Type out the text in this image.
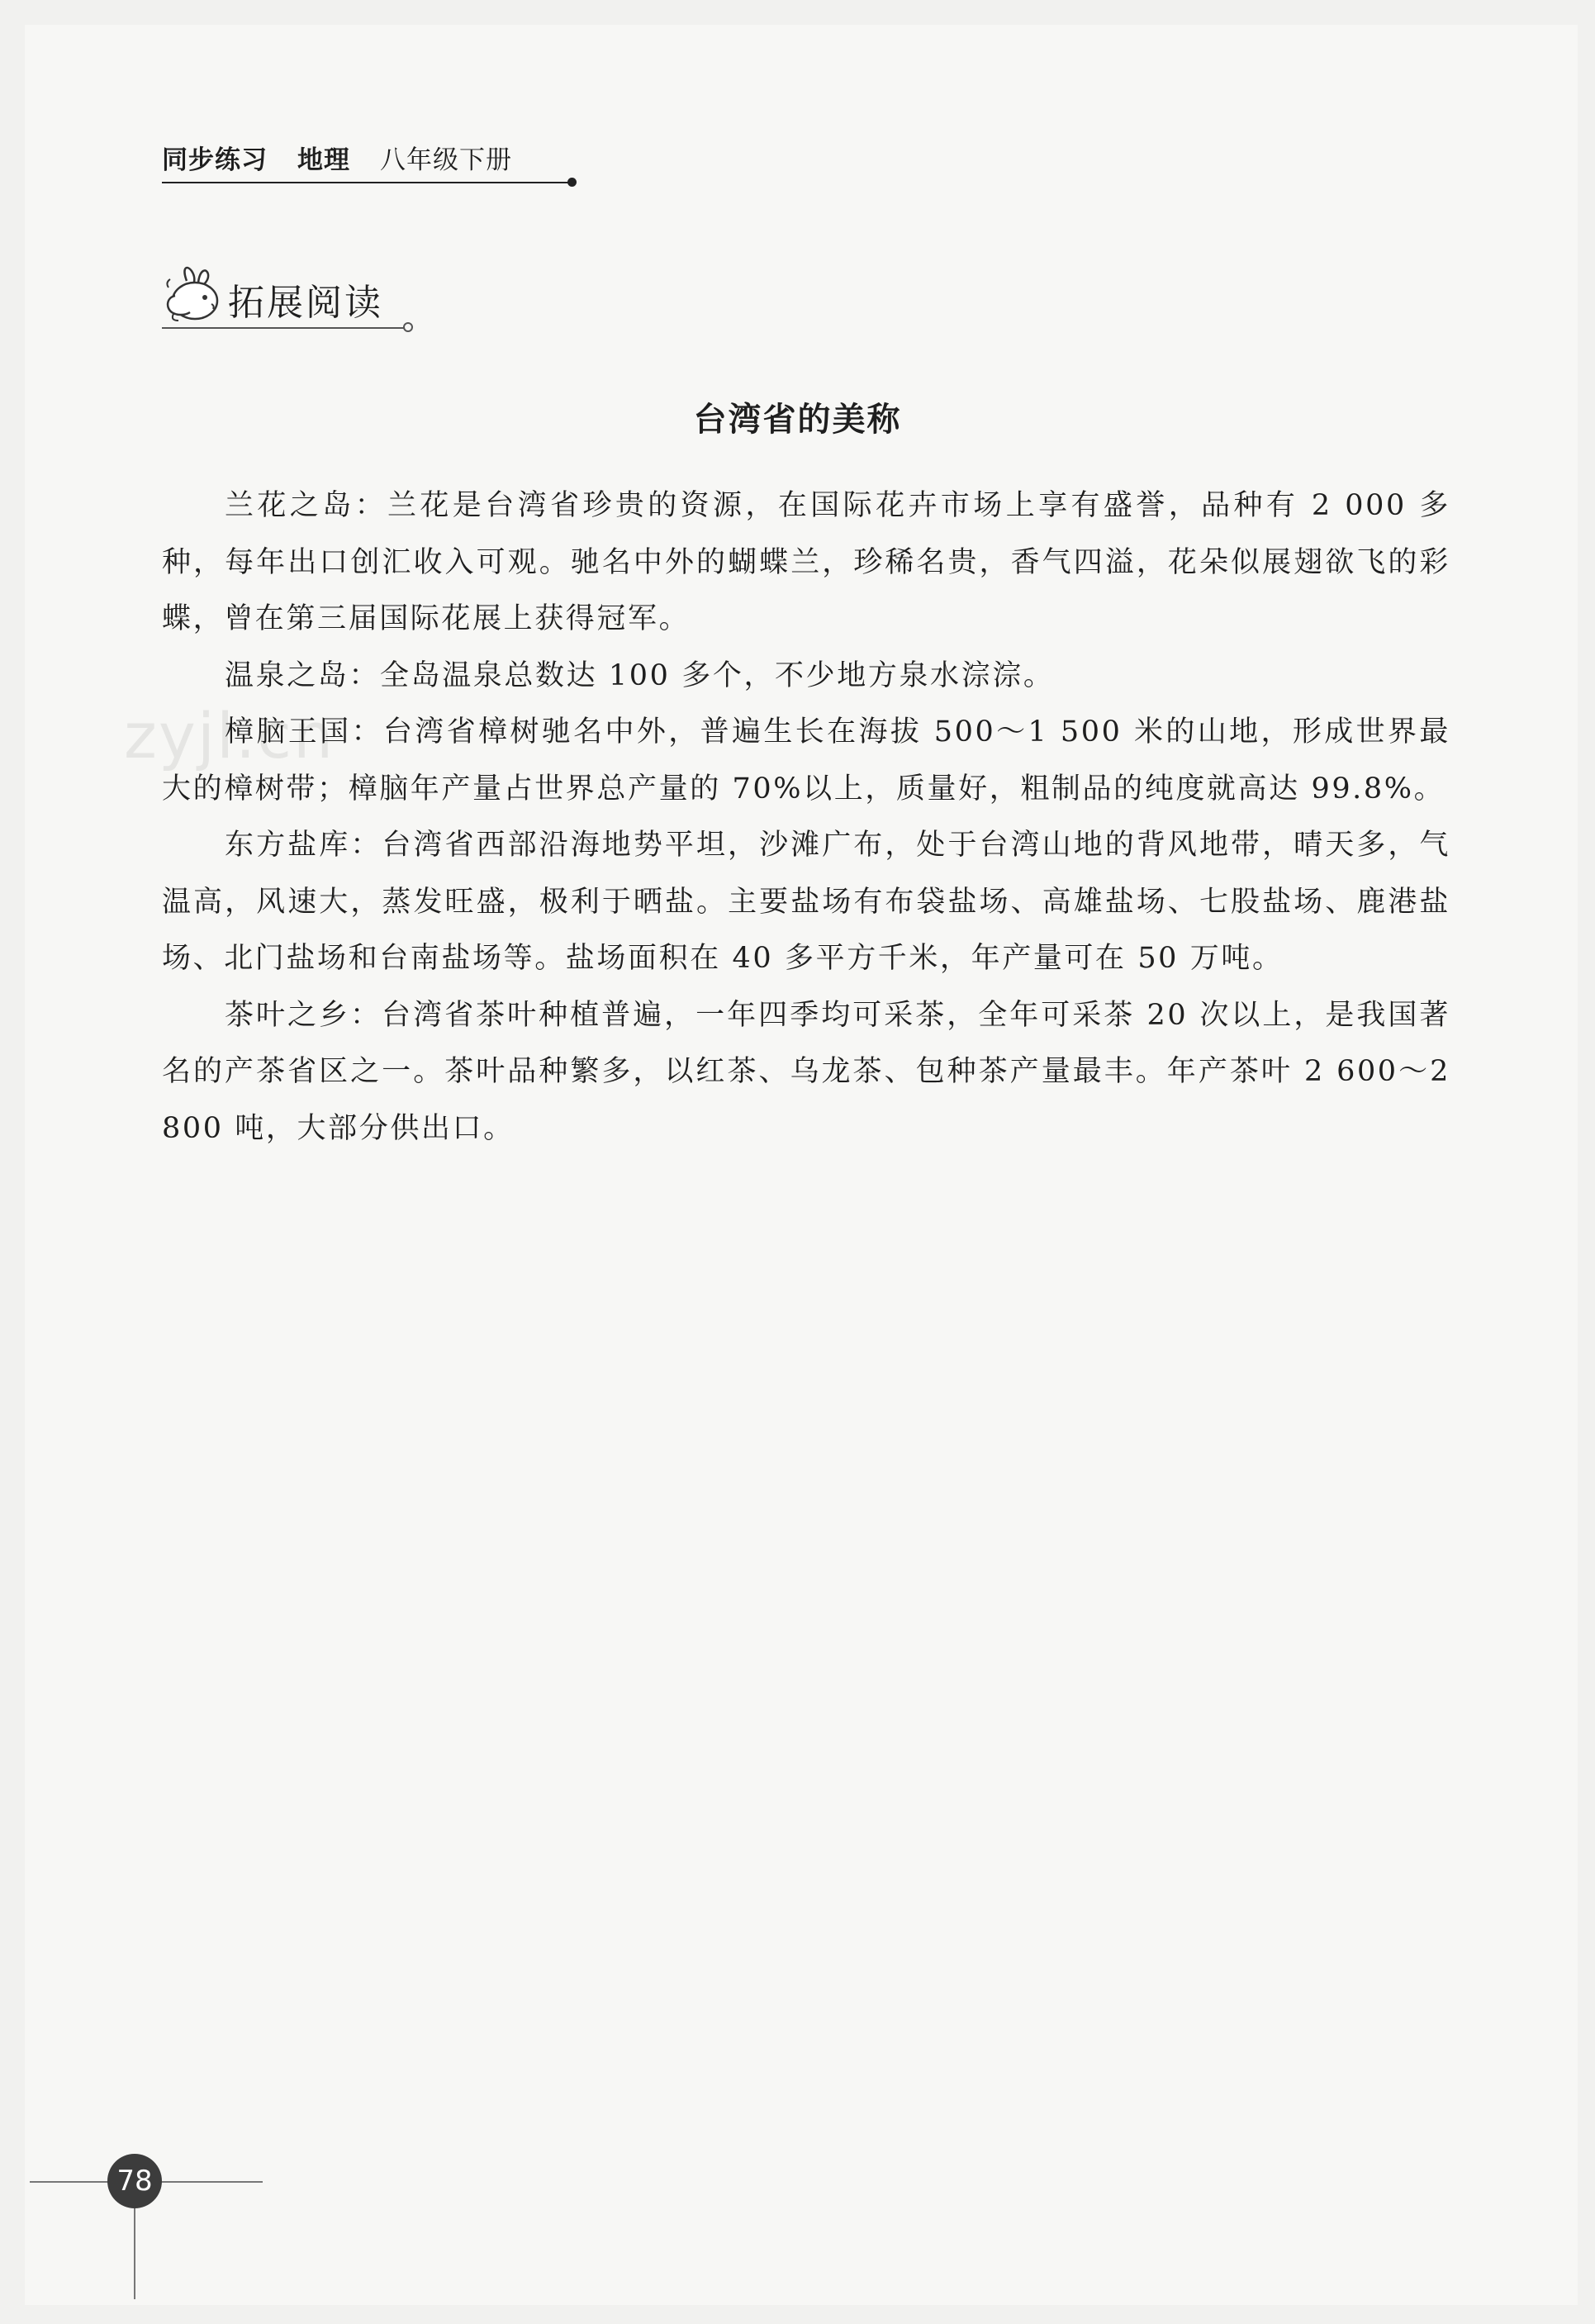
同步练习 地理 八年级下册
拓展阅读
zyjl.cn
台湾省的美称

兰花之岛：兰花是台湾省珍贵的资源，在国际花卉市场上享有盛誉，品种有 2 000 多种，每年出口创汇收入可观。驰名中外的蝴蝶兰，珍稀名贵，香气四溢，花朵似展翅欲飞的彩蝶，曾在第三届国际花展上获得冠军。

温泉之岛：全岛温泉总数达 100 多个，不少地方泉水淙淙。

樟脑王国：台湾省樟树驰名中外，普遍生长在海拔 500～1 500 米的山地，形成世界最大的樟树带；樟脑年产量占世界总产量的 70%以上，质量好，粗制品的纯度就高达 99.8%。

东方盐库：台湾省西部沿海地势平坦，沙滩广布，处于台湾山地的背风地带，晴天多，气温高，风速大，蒸发旺盛，极利于晒盐。主要盐场有布袋盐场、高雄盐场、七股盐场、鹿港盐场、北门盐场和台南盐场等。盐场面积在 40 多平方千米，年产量可在 50 万吨。

茶叶之乡：台湾省茶叶种植普遍，一年四季均可采茶，全年可采茶 20 次以上，是我国著名的产茶省区之一。茶叶品种繁多，以红茶、乌龙茶、包种茶产量最丰。年产茶叶 2 600～2 800 吨，大部分供出口。

78
